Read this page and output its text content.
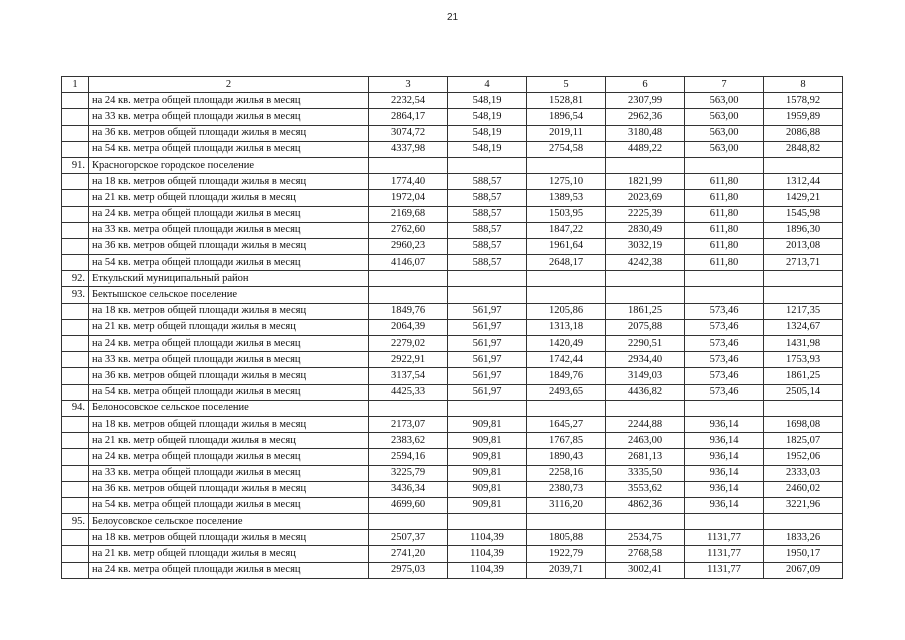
21
1	2	3	4	5	6	7	8
	на 24 кв. метра общей площади жилья в месяц	2232,54	548,19	1528,81	2307,99	563,00	1578,92
	на 33 кв. метра общей площади жилья в месяц	2864,17	548,19	1896,54	2962,36	563,00	1959,89
	на 36 кв. метров общей площади жилья в месяц	3074,72	548,19	2019,11	3180,48	563,00	2086,88
	на 54 кв. метра общей площади жилья в месяц	4337,98	548,19	2754,58	4489,22	563,00	2848,82
91.	Красногорское городское поселение						
	на 18 кв. метров общей площади жилья в месяц	1774,40	588,57	1275,10	1821,99	611,80	1312,44
	на 21 кв. метр общей площади жилья в месяц	1972,04	588,57	1389,53	2023,69	611,80	1429,21
	на 24 кв. метра общей площади жилья в месяц	2169,68	588,57	1503,95	2225,39	611,80	1545,98
	на 33 кв. метра общей площади жилья в месяц	2762,60	588,57	1847,22	2830,49	611,80	1896,30
	на 36 кв. метров общей площади жилья в месяц	2960,23	588,57	1961,64	3032,19	611,80	2013,08
	на 54 кв. метра общей площади жилья в месяц	4146,07	588,57	2648,17	4242,38	611,80	2713,71
92.	Еткульский муниципальный район						
93.	Бектышское сельское поселение						
	на 18 кв. метров общей площади жилья в месяц	1849,76	561,97	1205,86	1861,25	573,46	1217,35
	на 21 кв. метр общей площади жилья в месяц	2064,39	561,97	1313,18	2075,88	573,46	1324,67
	на 24 кв. метра общей площади жилья в месяц	2279,02	561,97	1420,49	2290,51	573,46	1431,98
	на 33 кв. метра общей площади жилья в месяц	2922,91	561,97	1742,44	2934,40	573,46	1753,93
	на 36 кв. метров общей площади жилья в месяц	3137,54	561,97	1849,76	3149,03	573,46	1861,25
	на 54 кв. метра общей площади жилья в месяц	4425,33	561,97	2493,65	4436,82	573,46	2505,14
94.	Белоносовское сельское поселение						
	на 18 кв. метров общей площади жилья в месяц	2173,07	909,81	1645,27	2244,88	936,14	1698,08
	на 21 кв. метр общей площади жилья в месяц	2383,62	909,81	1767,85	2463,00	936,14	1825,07
	на 24 кв. метра общей площади жилья в месяц	2594,16	909,81	1890,43	2681,13	936,14	1952,06
	на 33 кв. метра общей площади жилья в месяц	3225,79	909,81	2258,16	3335,50	936,14	2333,03
	на 36 кв. метров общей площади жилья в месяц	3436,34	909,81	2380,73	3553,62	936,14	2460,02
	на 54 кв. метра общей площади жилья в месяц	4699,60	909,81	3116,20	4862,36	936,14	3221,96
95.	Белоусовское сельское поселение						
	на 18 кв. метров общей площади жилья в месяц	2507,37	1104,39	1805,88	2534,75	1131,77	1833,26
	на 21 кв. метр общей площади жилья в месяц	2741,20	1104,39	1922,79	2768,58	1131,77	1950,17
	на 24 кв. метра общей площади жилья в месяц	2975,03	1104,39	2039,71	3002,41	1131,77	2067,09
